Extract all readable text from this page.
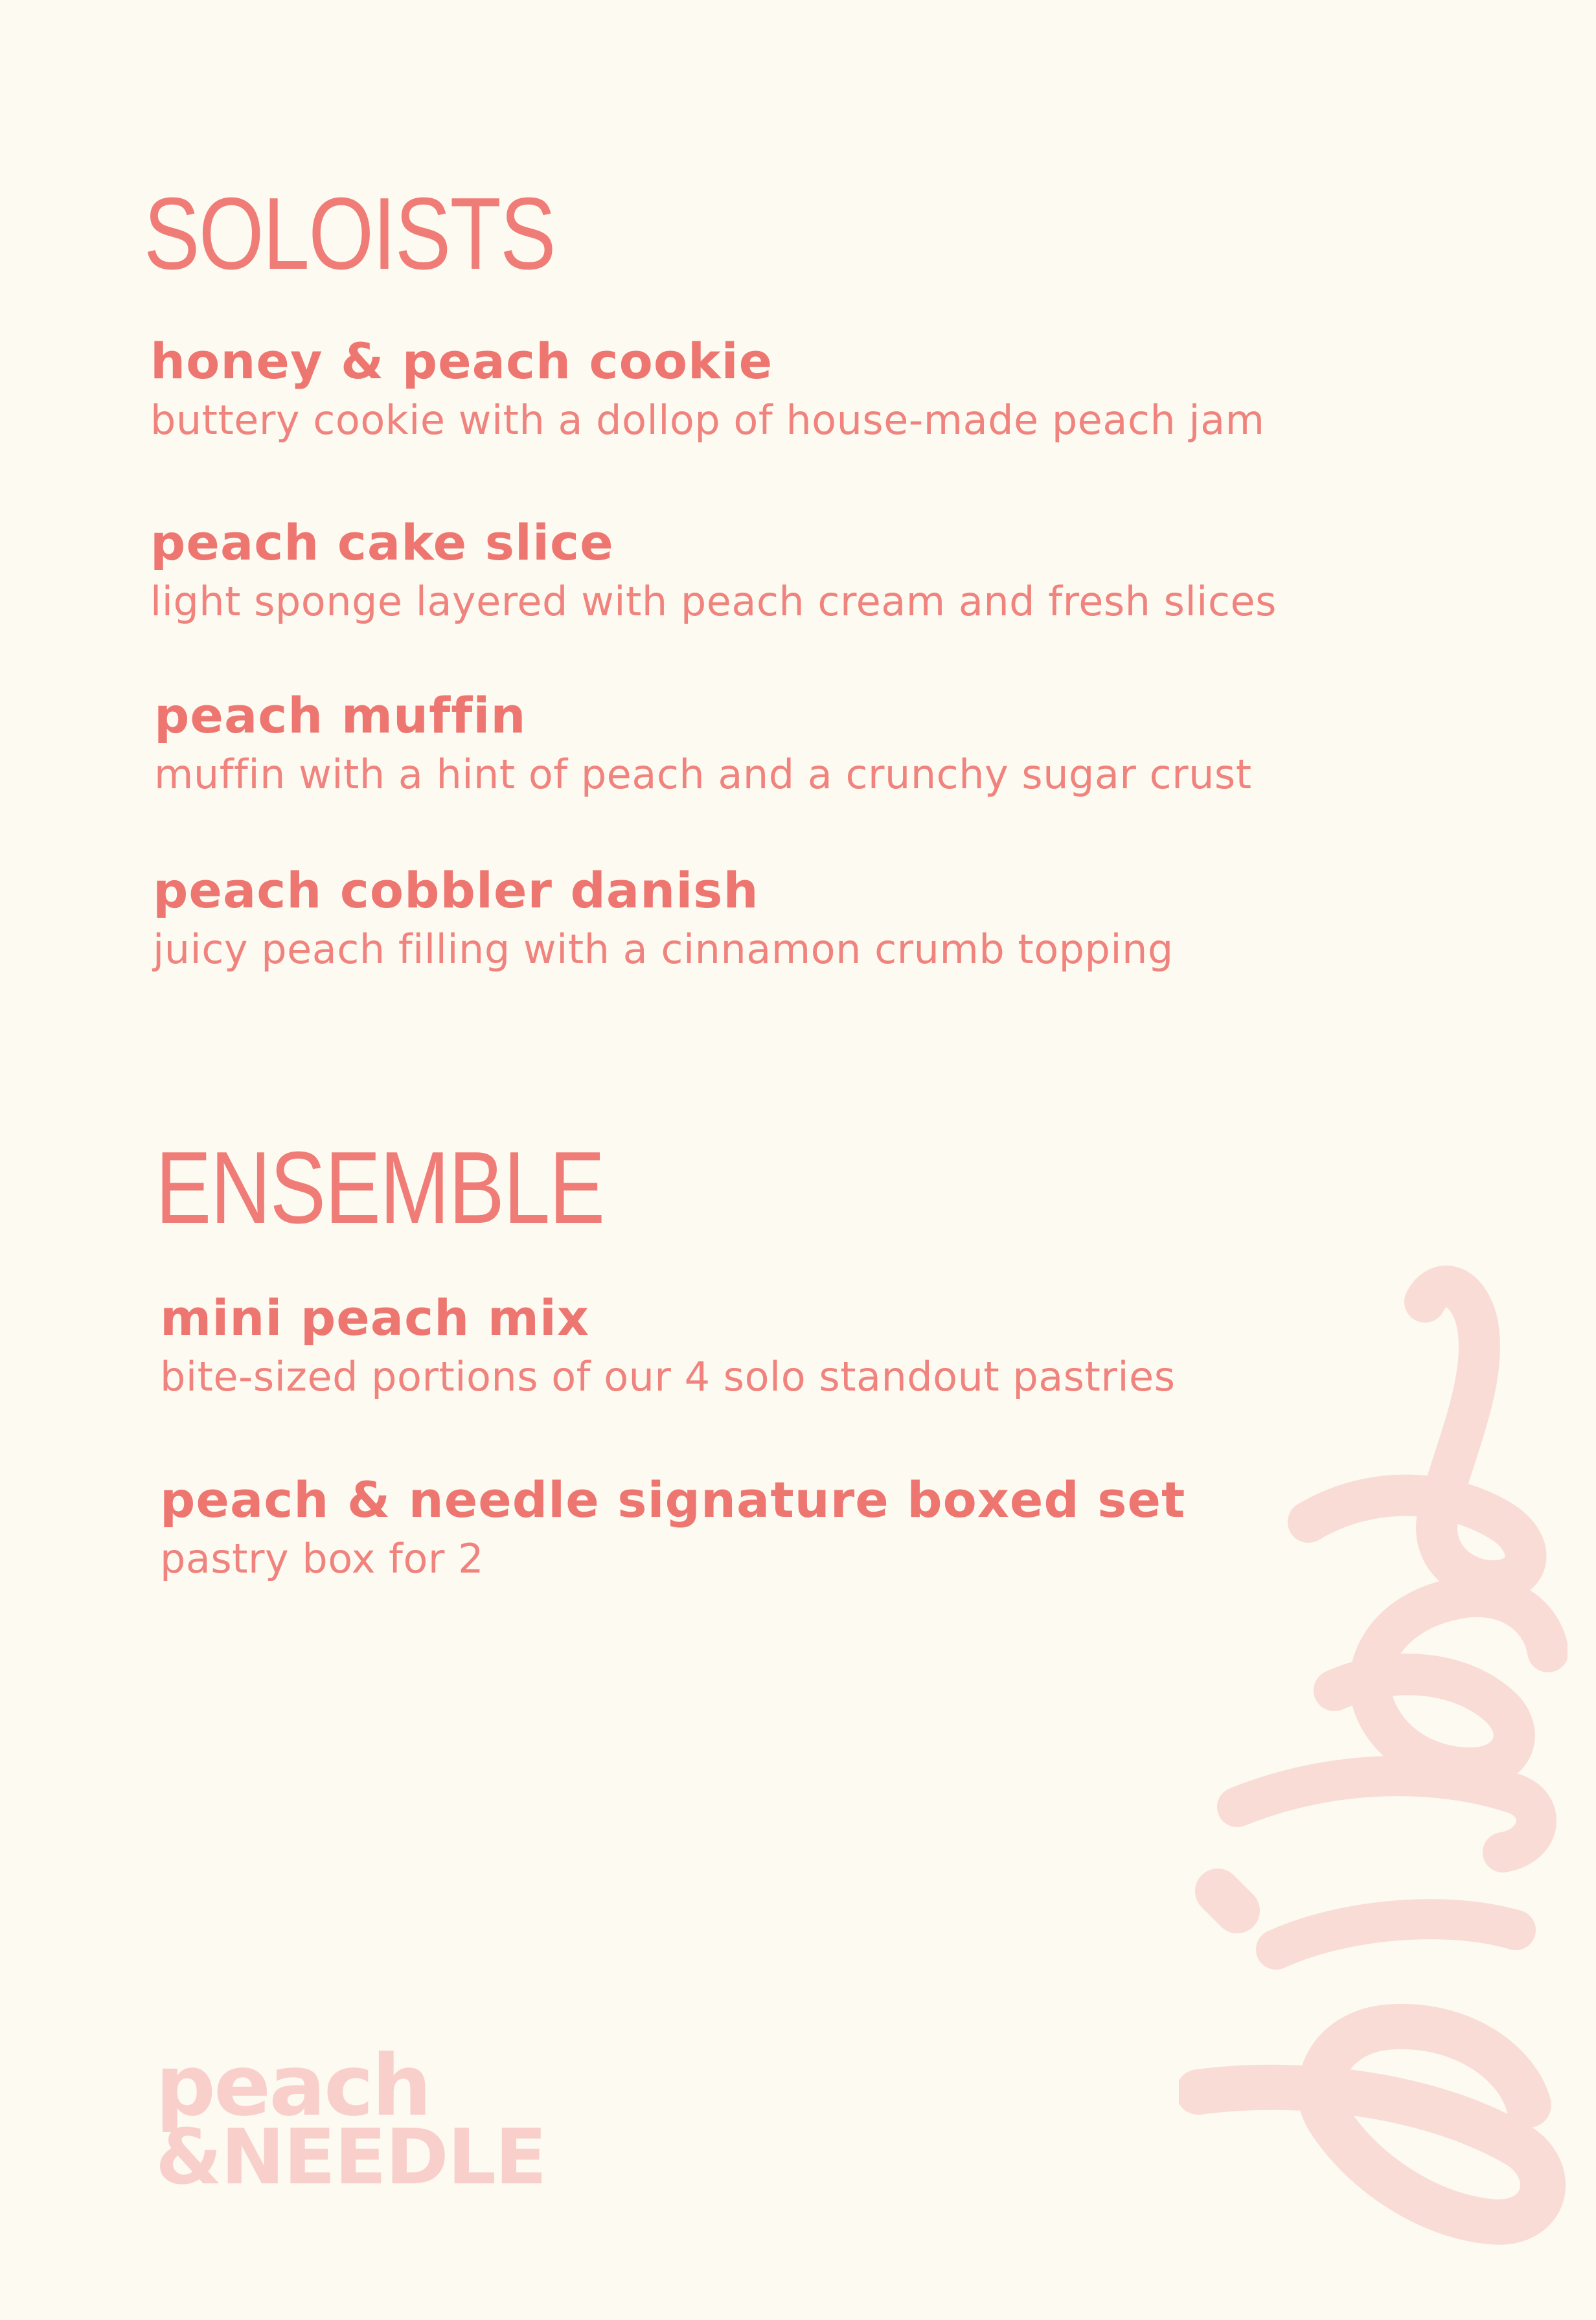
SOLOISTS
honey & peach cookie
buttery cookie with a dollop of house-made peach jam
peach cake slice
light sponge layered with peach cream and fresh slices
peach muffin
muffin with a hint of peach and a crunchy sugar crust
peach cobbler danish
juicy peach filling with a cinnamon crumb topping
ENSEMBLE
mini peach mix
bite-sized portions of our 4 solo standout pastries
peach & needle signature boxed set
pastry box for 2
peach
&NEEDLE
